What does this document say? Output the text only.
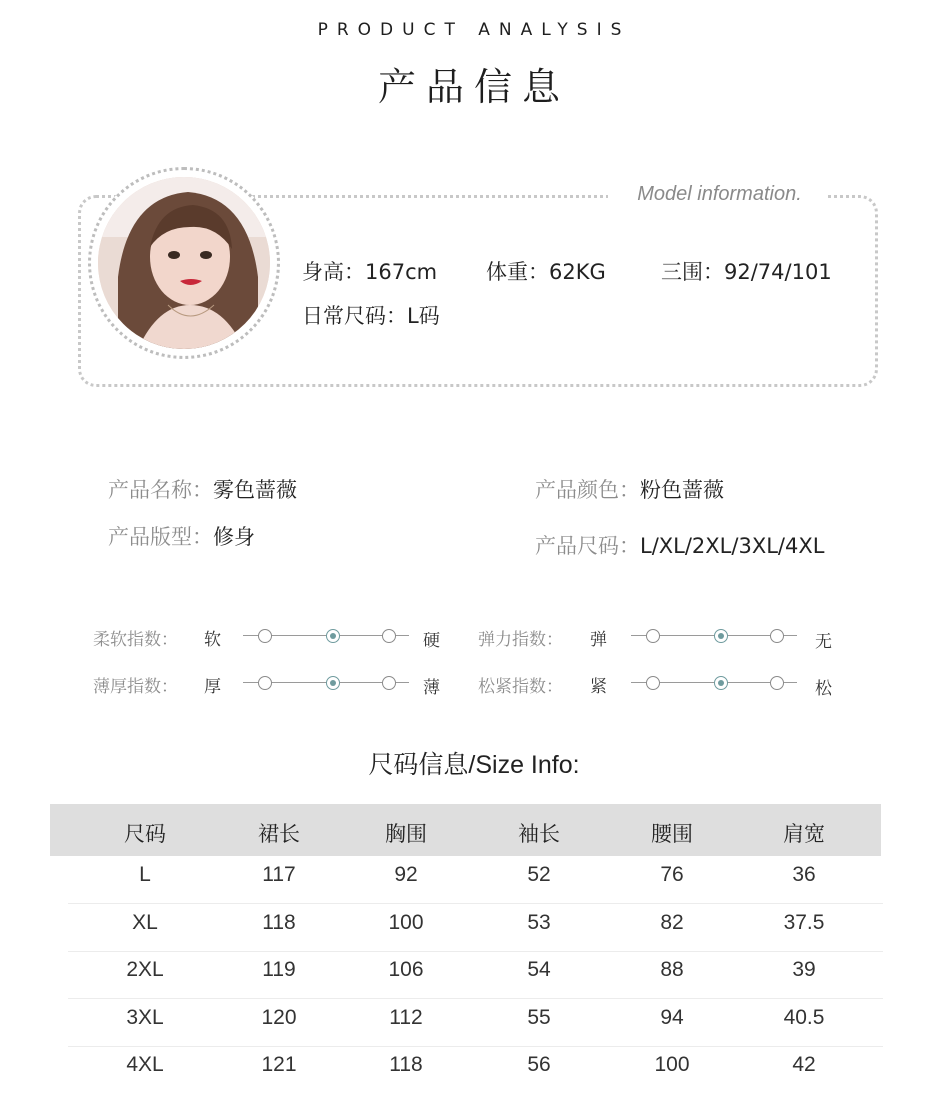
PRODUCT ANALYSIS
产品信息
Model information.
身高：167cm 体重：62KG	三围：92/74/101
日常尺码：L码
产品名称：雾色蔷薇	产品颜色：粉色蔷薇
产品版型：修身	产品尺码：L/XL/2XL/3XL/4XL
柔软指数： 软	硬 弹力指数： 弹	无
薄厚指数： 厚	薄 松紧指数： 紧	松
尺码信息/Size Info:
尺码	裙长	胸围	袖长	腰围	肩宽
L	117	92	52	76	36
XL	118	100	53	82	37.5
2XL	119	106	54	88	39
3XL	120	112	55	94	40.5
4XL	121	118	56	100	42
